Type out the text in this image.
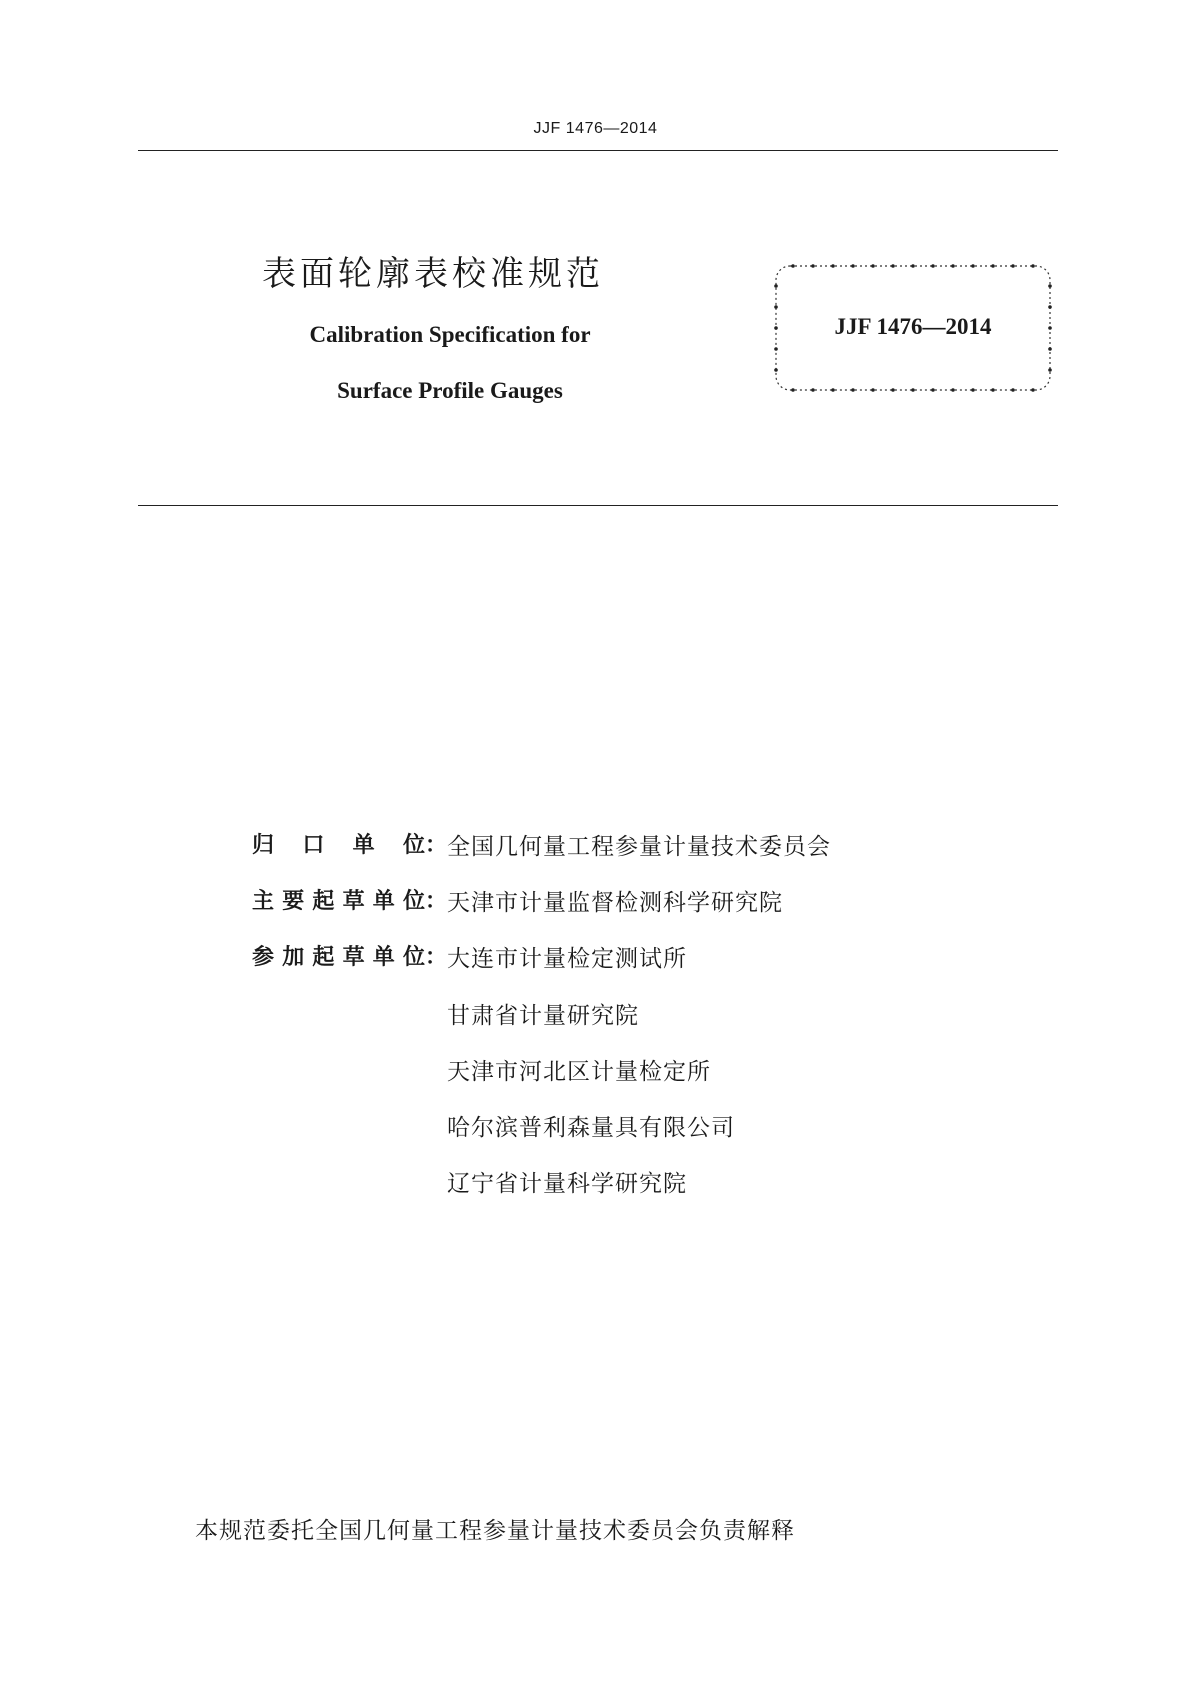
JJF 1476—2014
表面轮廓表校准规范
Calibration Specification for
Surface Profile Gauges
JJF 1476—2014
归 口 单 位： 全国几何量工程参量计量技术委员会
主 要 起 草 单 位： 天津市计量监督检测科学研究院
参 加 起 草 单 位： 大连市计量检定测试所
甘肃省计量研究院
天津市河北区计量检定所
哈尔滨普利森量具有限公司
辽宁省计量科学研究院
本规范委托全国几何量工程参量计量技术委员会负责解释
